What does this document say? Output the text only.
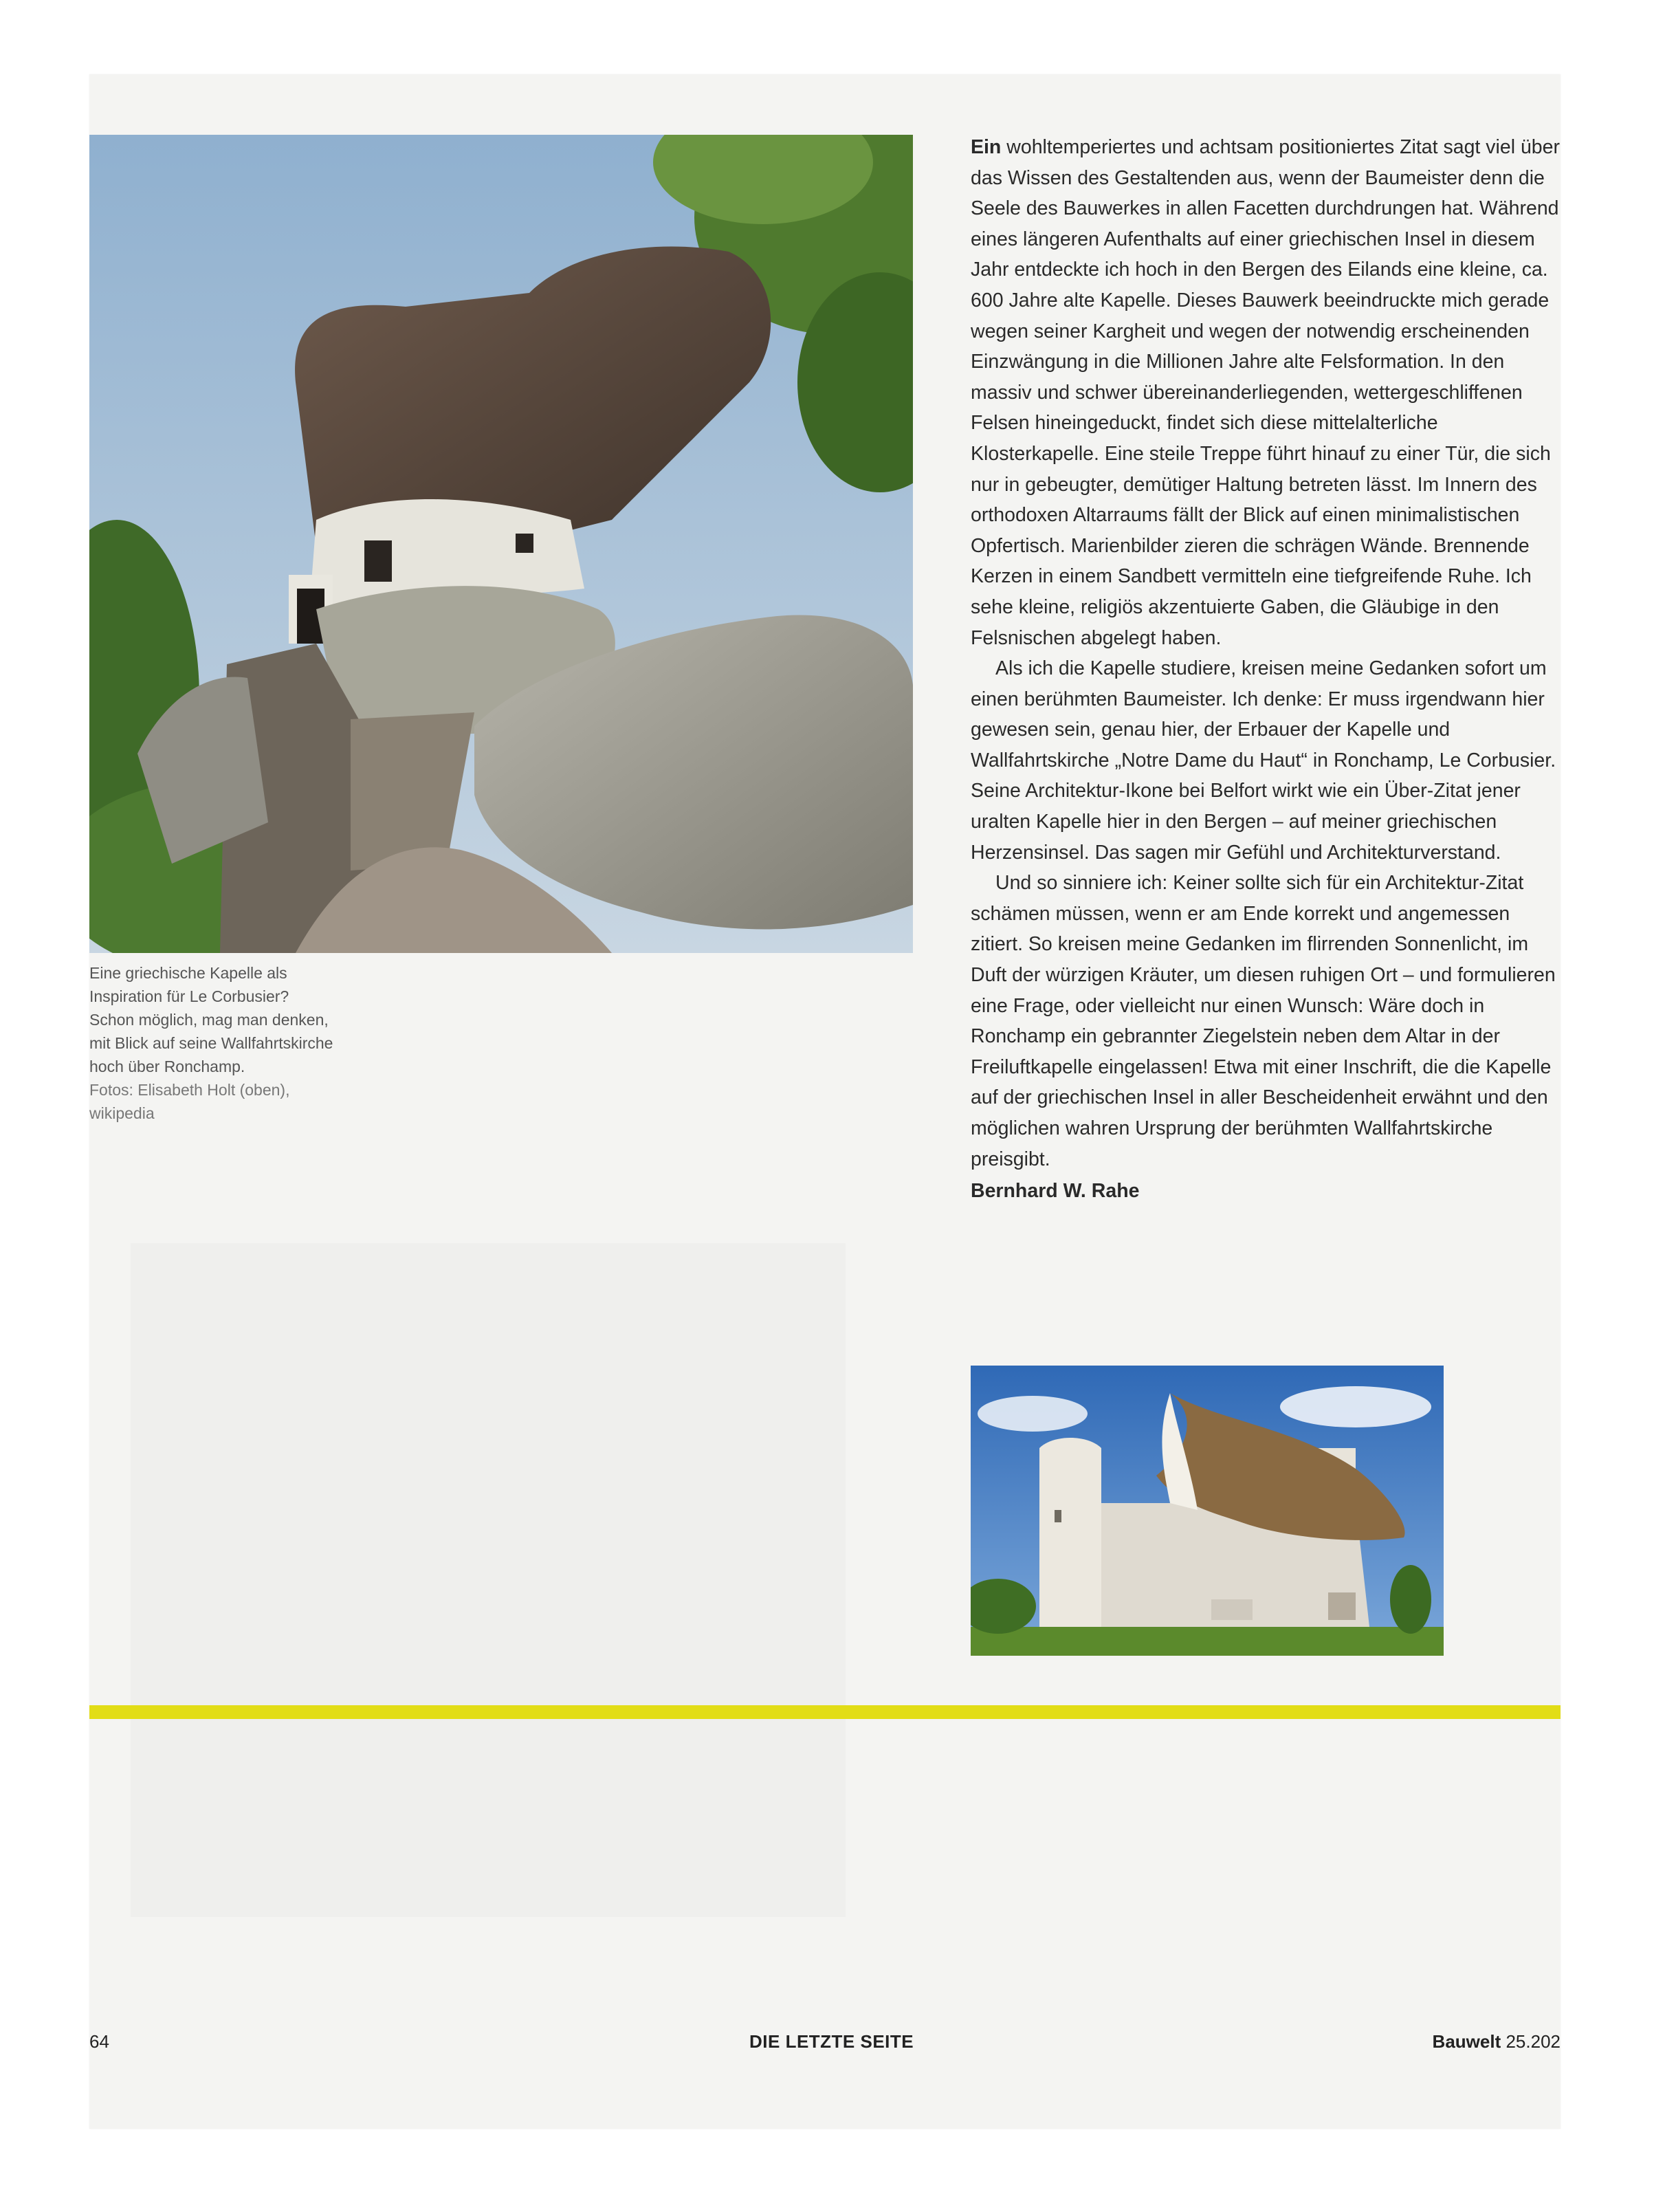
Eine griechische Kapelle als Inspiration für Le Corbusier? Schon möglich, mag man denken, mit Blick auf seine Wallfahrtskirche hoch über Ronchamp.
Fotos: Elisabeth Holt (oben), wikipedia

Ein wohltemperiertes und achtsam positioniertes Zitat sagt viel über das Wissen des Gestaltenden aus, wenn der Baumeister denn die Seele des Bauwerkes in allen Facetten durchdrungen hat. Während eines längeren Aufenthalts auf einer griechischen Insel in diesem Jahr entdeckte ich hoch in den Bergen des Eilands eine kleine, ca. 600 Jahre alte Kapelle. Dieses Bauwerk beeindruckte mich gerade wegen seiner Kargheit und wegen der notwendig erscheinenden Einzwängung in die Millionen Jahre alte Felsformation. In den massiv und schwer übereinanderliegenden, wettergeschliffenen Felsen hineingeduckt, findet sich diese mittelalterliche Klosterkapelle. Eine steile Treppe führt hinauf zu einer Tür, die sich nur in gebeugter, demütiger Haltung betreten lässt. Im Innern des orthodoxen Altarraums fällt der Blick auf einen minimalistischen Opfertisch. Marienbilder zieren die schrägen Wände. Brennende Kerzen in einem Sandbett vermitteln eine tiefgreifende Ruhe. Ich sehe kleine, religiös akzentuierte Gaben, die Gläubige in den Felsnischen abgelegt haben.

Als ich die Kapelle studiere, kreisen meine Gedanken sofort um einen berühmten Baumeister. Ich denke: Er muss irgendwann hier gewesen sein, genau hier, der Erbauer der Kapelle und Wallfahrtskirche „Notre Dame du Haut“ in Ronchamp, Le Corbusier. Seine Architektur-Ikone bei Belfort wirkt wie ein Über-Zitat jener uralten Kapelle hier in den Bergen – auf meiner griechischen Herzensinsel. Das sagen mir Gefühl und Architekturverstand.

Und so sinniere ich: Keiner sollte sich für ein Architektur-Zitat schämen müssen, wenn er am Ende korrekt und angemessen zitiert. So kreisen meine Gedanken im flirrenden Sonnenlicht, im Duft der würzigen Kräuter, um diesen ruhigen Ort – und formulieren eine Frage, oder vielleicht nur einen Wunsch: Wäre doch in Ronchamp ein gebrannter Ziegelstein neben dem Altar in der Freiluftkapelle eingelassen! Etwa mit einer Inschrift, die die Kapelle auf der griechischen Insel in aller Bescheidenheit erwähnt und den möglichen wahren Ursprung der berühmten Wallfahrtskirche preisgibt.

Bernhard W. Rahe

64	DIE LETZTE SEITE	Bauwelt 25.202
